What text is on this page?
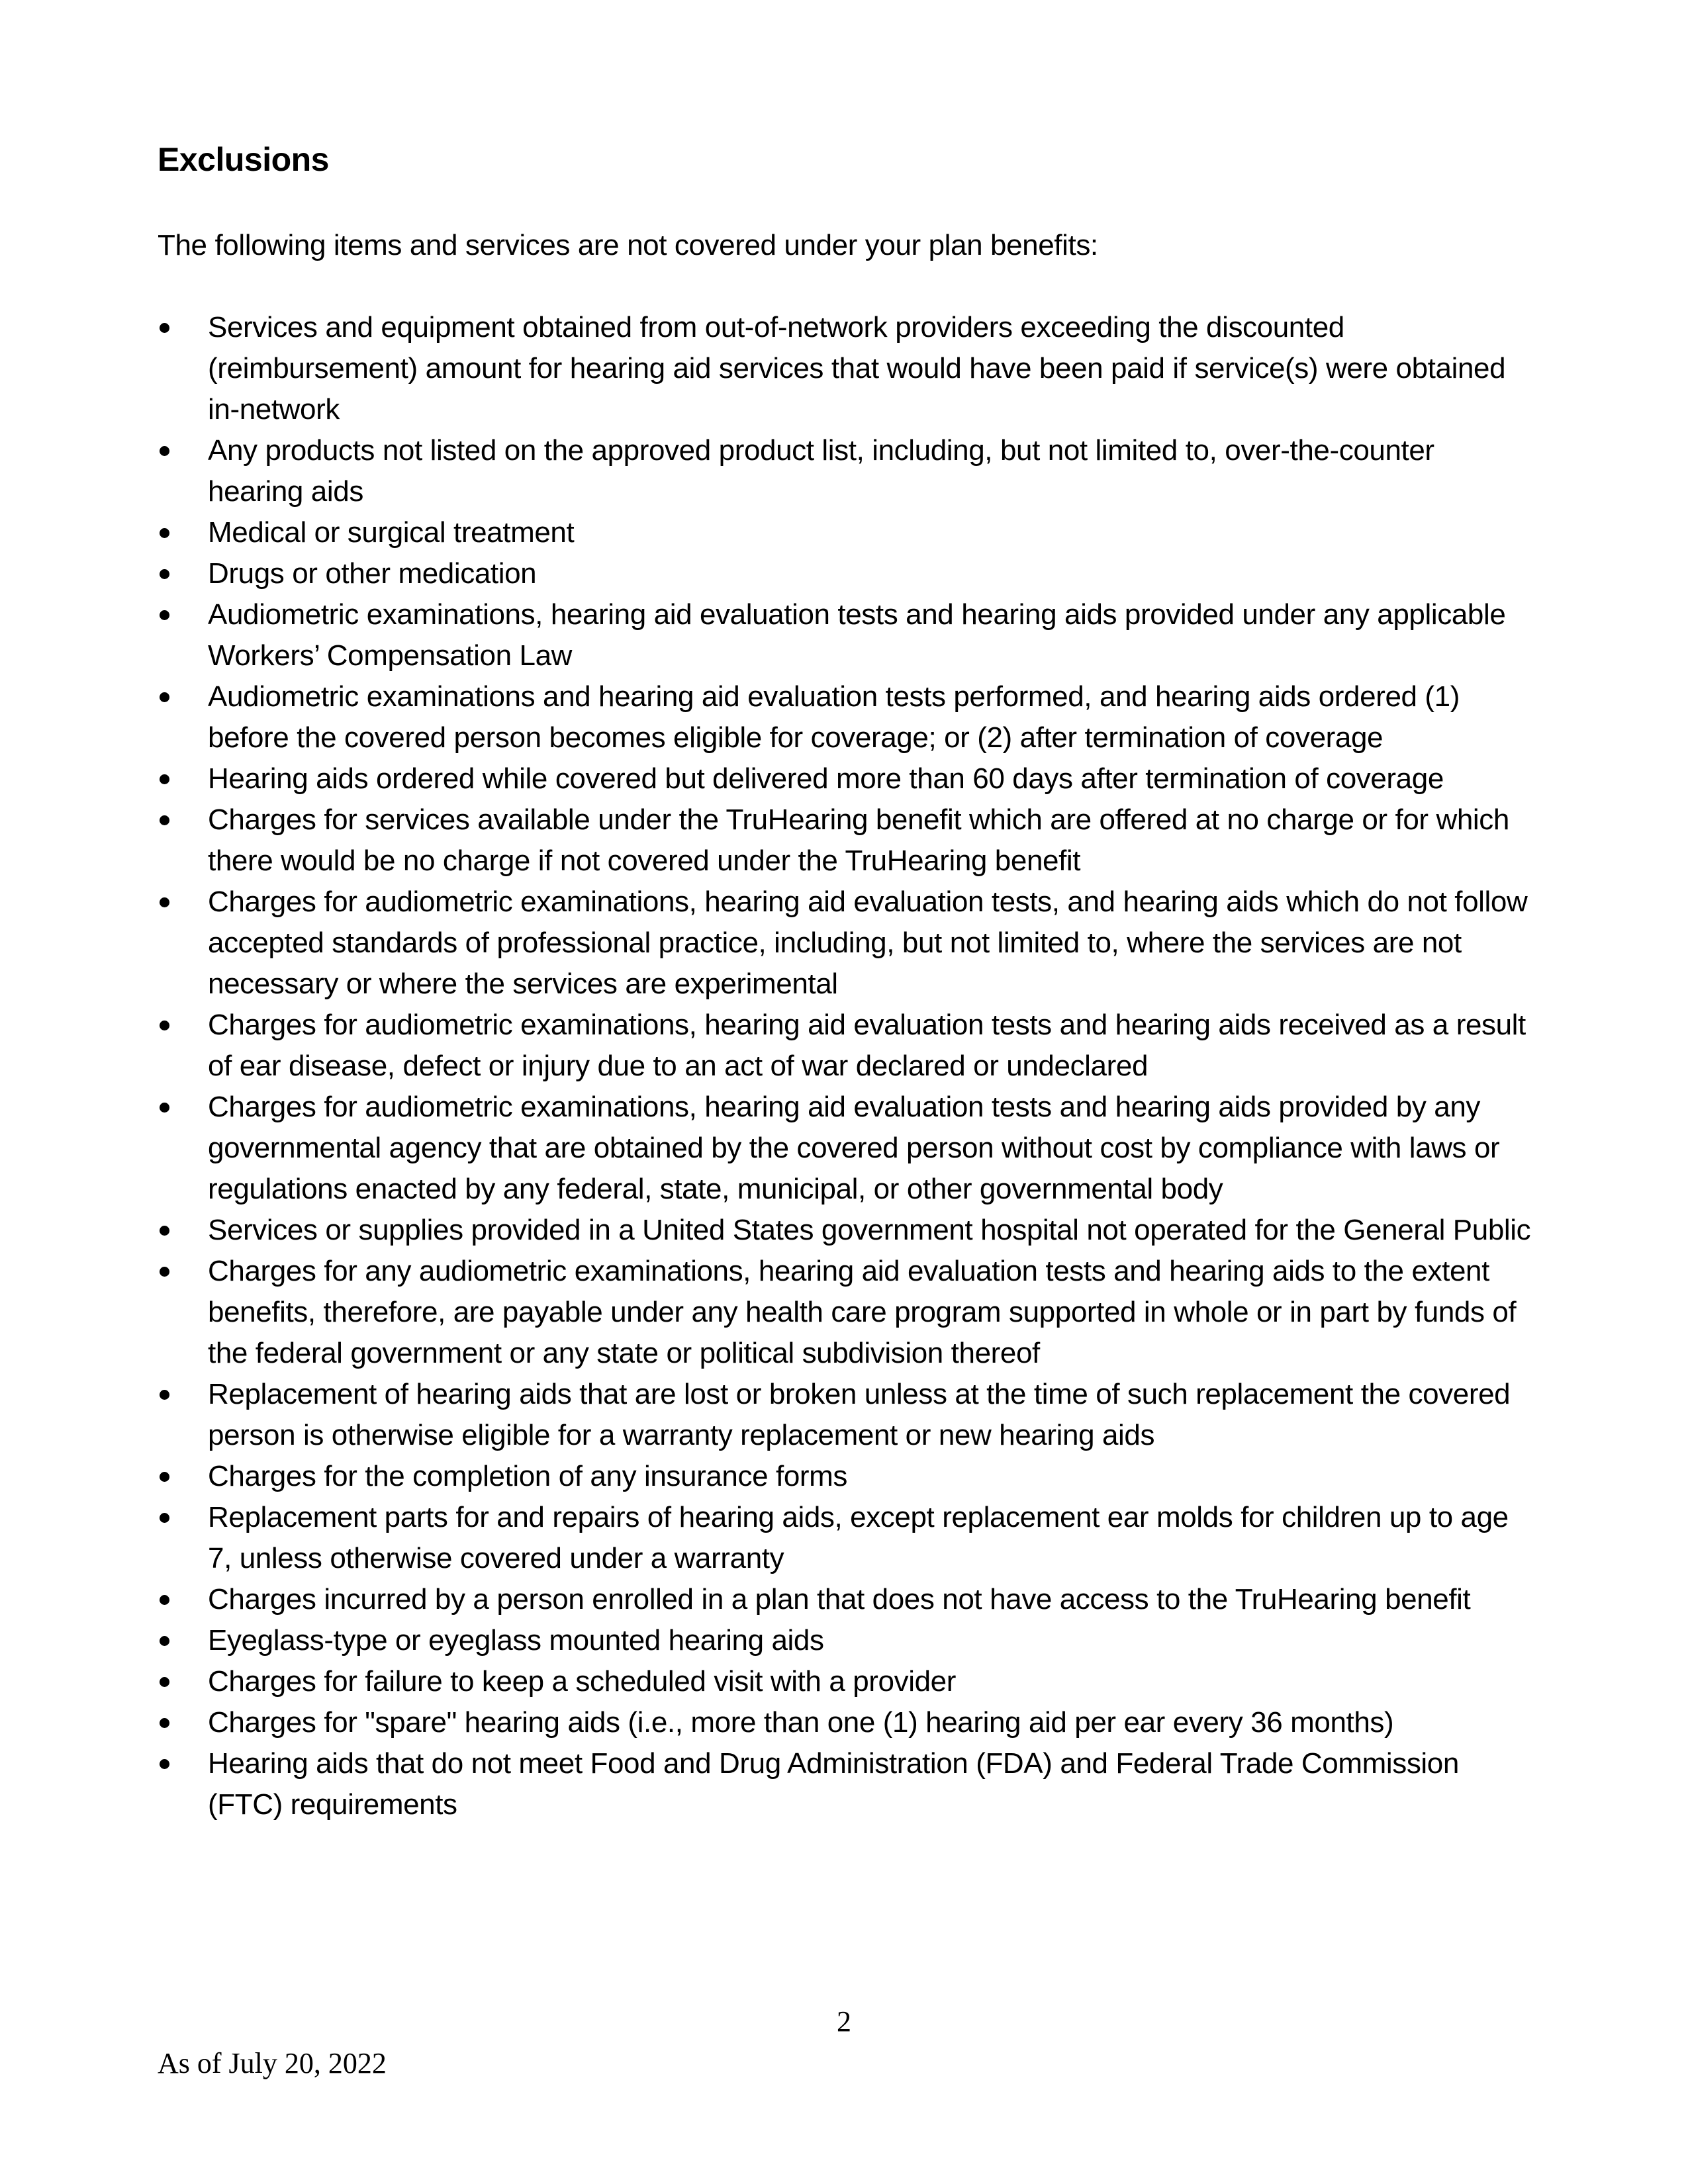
Exclusions

The following items and services are not covered under your plan benefits:

Services and equipment obtained from out-of-network providers exceeding the discounted (reimbursement) amount for hearing aid services that would have been paid if service(s) were obtained in-network
Any products not listed on the approved product list, including, but not limited to, over-the-counter hearing aids
Medical or surgical treatment
Drugs or other medication
Audiometric examinations, hearing aid evaluation tests and hearing aids provided under any applicable Workers’ Compensation Law
Audiometric examinations and hearing aid evaluation tests performed, and hearing aids ordered (1) before the covered person becomes eligible for coverage; or (2) after termination of coverage
Hearing aids ordered while covered but delivered more than 60 days after termination of coverage
Charges for services available under the TruHearing benefit which are offered at no charge or for which there would be no charge if not covered under the TruHearing benefit
Charges for audiometric examinations, hearing aid evaluation tests, and hearing aids which do not follow accepted standards of professional practice, including, but not limited to, where the services are not necessary or where the services are experimental
Charges for audiometric examinations, hearing aid evaluation tests and hearing aids received as a result of ear disease, defect or injury due to an act of war declared or undeclared
Charges for audiometric examinations, hearing aid evaluation tests and hearing aids provided by any governmental agency that are obtained by the covered person without cost by compliance with laws or regulations enacted by any federal, state, municipal, or other governmental body
Services or supplies provided in a United States government hospital not operated for the General Public
Charges for any audiometric examinations, hearing aid evaluation tests and hearing aids to the extent benefits, therefore, are payable under any health care program supported in whole or in part by funds of the federal government or any state or political subdivision thereof
Replacement of hearing aids that are lost or broken unless at the time of such replacement the covered person is otherwise eligible for a warranty replacement or new hearing aids
Charges for the completion of any insurance forms
Replacement parts for and repairs of hearing aids, except replacement ear molds for children up to age 7, unless otherwise covered under a warranty
Charges incurred by a person enrolled in a plan that does not have access to the TruHearing benefit
Eyeglass-type or eyeglass mounted hearing aids
Charges for failure to keep a scheduled visit with a provider
Charges for "spare" hearing aids (i.e., more than one (1) hearing aid per ear every 36 months)
Hearing aids that do not meet Food and Drug Administration (FDA) and Federal Trade Commission (FTC) requirements

2

As of July 20, 2022
